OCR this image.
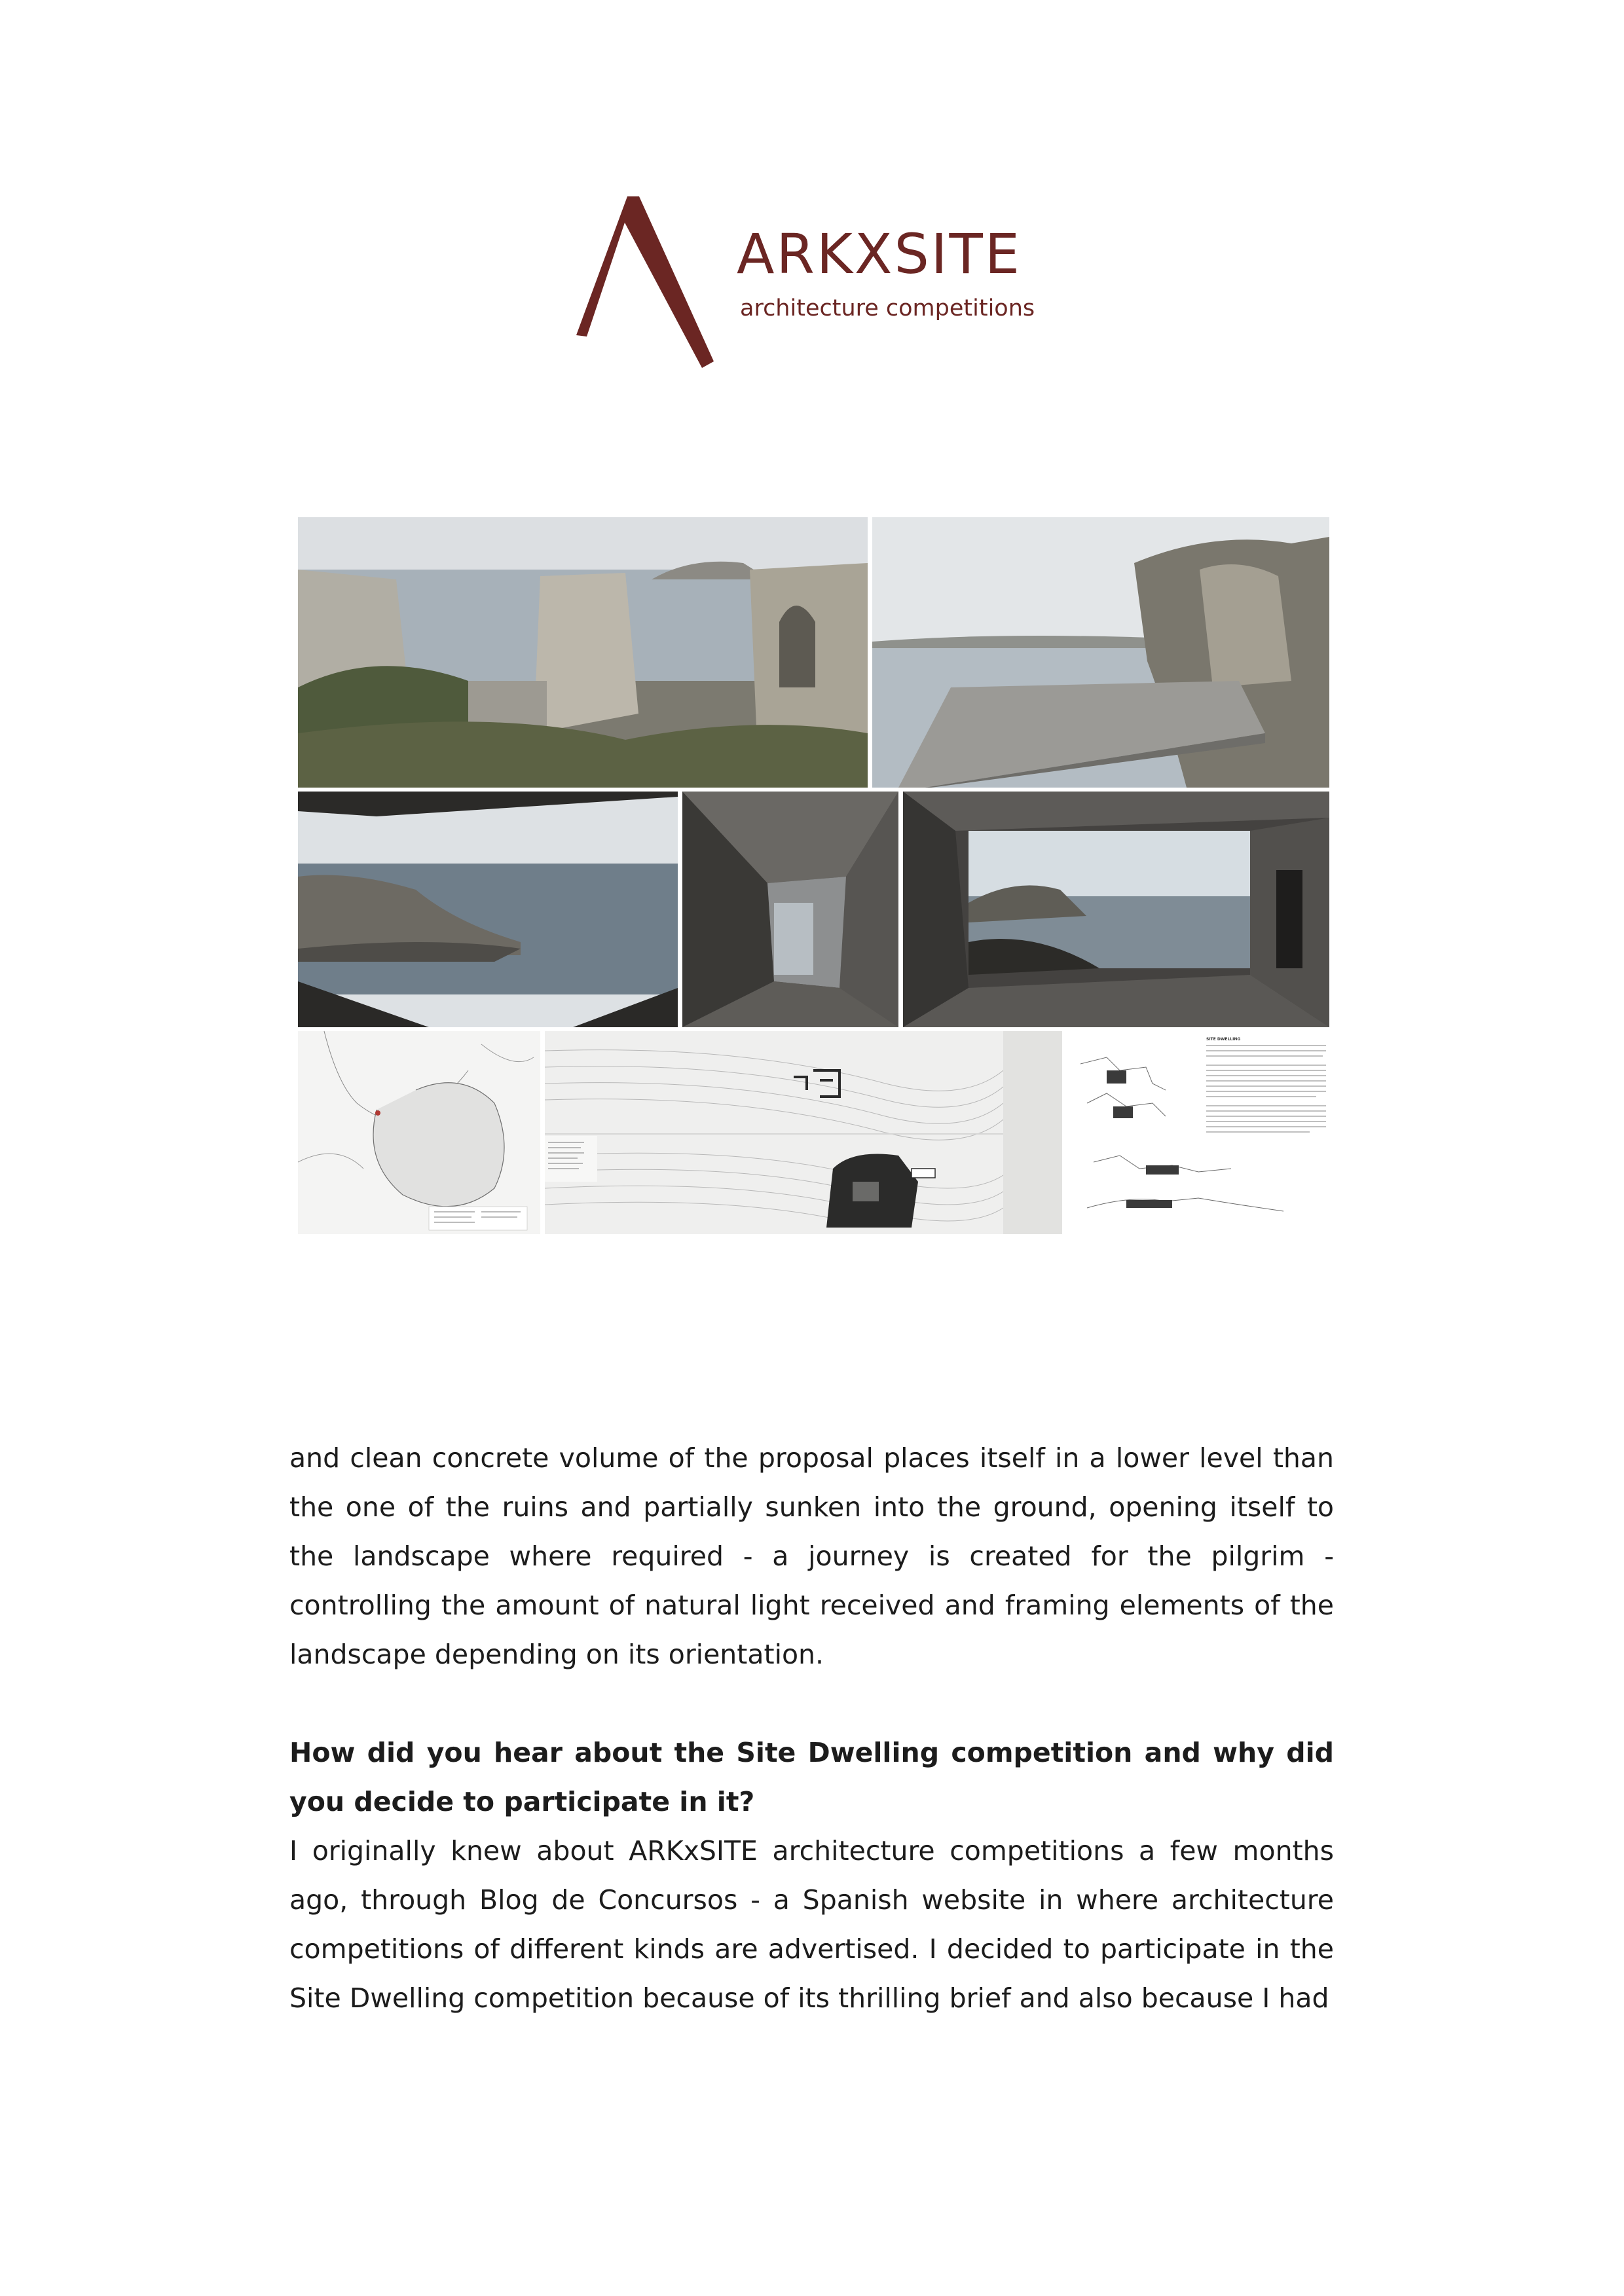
ARKXSITE
architecture competitions
SITE DWELLING

and clean concrete volume of the proposal places itself in a lower level than the one of the ruins and partially sunken into the ground, opening itself to the landscape where required - a journey is created for the pilgrim - controlling the amount of natural light received and framing elements of the landscape depending on its orientation.

How did you hear about the Site Dwelling competition and why did you decide to participate in it?

I originally knew about ARKxSITE architecture competitions a few months ago, through Blog de Concursos - a Spanish website in where architecture competitions of different kinds are advertised. I decided to participate in the Site Dwelling competition because of its thrilling brief and also because I had
